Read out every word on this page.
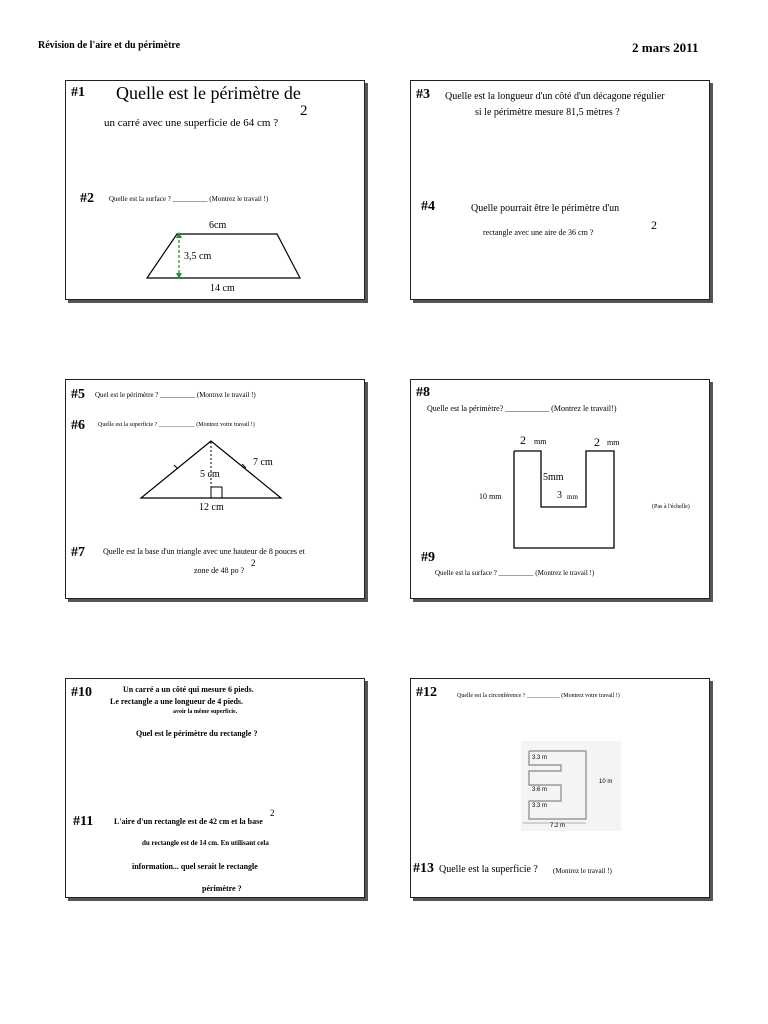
Révision de l'aire et du périmètre	2 mars 2011
#1 Quelle est le périmètre de
un carré avec une superficie de 64 cm ?
2
#2 Quelle est la surface ? __________ (Montrez le travail !)
6cm
3,5 cm
14 cm
#3 Quelle est la longueur d'un côté d'un décagone régulier
si le périmètre mesure 81,5 mètres ?
#4	Quelle pourrait être le périmètre d'un
rectangle avec une aire de 36 cm ?
2
#5 Quel est le périmètre ? __________ (Montrez le travail !)
#6 Quelle est la superficie ? ____________ (Montrez votre travail !)
7 cm
5 cm
12 cm
#7 Quelle est la base d'un triangle avec une hauteur de 8 pouces et
zone de 48 po ?
2
#8
Quelle est la périmètre? ___________ (Montrez le travail!)
2 mm	2 mm
5mm
3 mm
10 mm
(Pas à l'échelle)
#9
Quelle est la surface ? __________ (Montrez le travail !)
#10	Un carré a un côté qui mesure 6 pieds.
Le rectangle a une longueur de 4 pieds.
avoir la même superficie.
Quel est le périmètre du rectangle ?
#11	L'aire d'un rectangle est de 42 cm et la base
2
du rectangle est de 14 cm. En utilisant cela
information... quel serait le rectangle
périmètre ?
#12	Quelle est la circonférence ? ___________ (Montrez votre travail !)
3.3 m
3.6 m
3.3 m
10 m
7.2 m
#13 Quelle est la superficie ? (Montrez le travail !)
